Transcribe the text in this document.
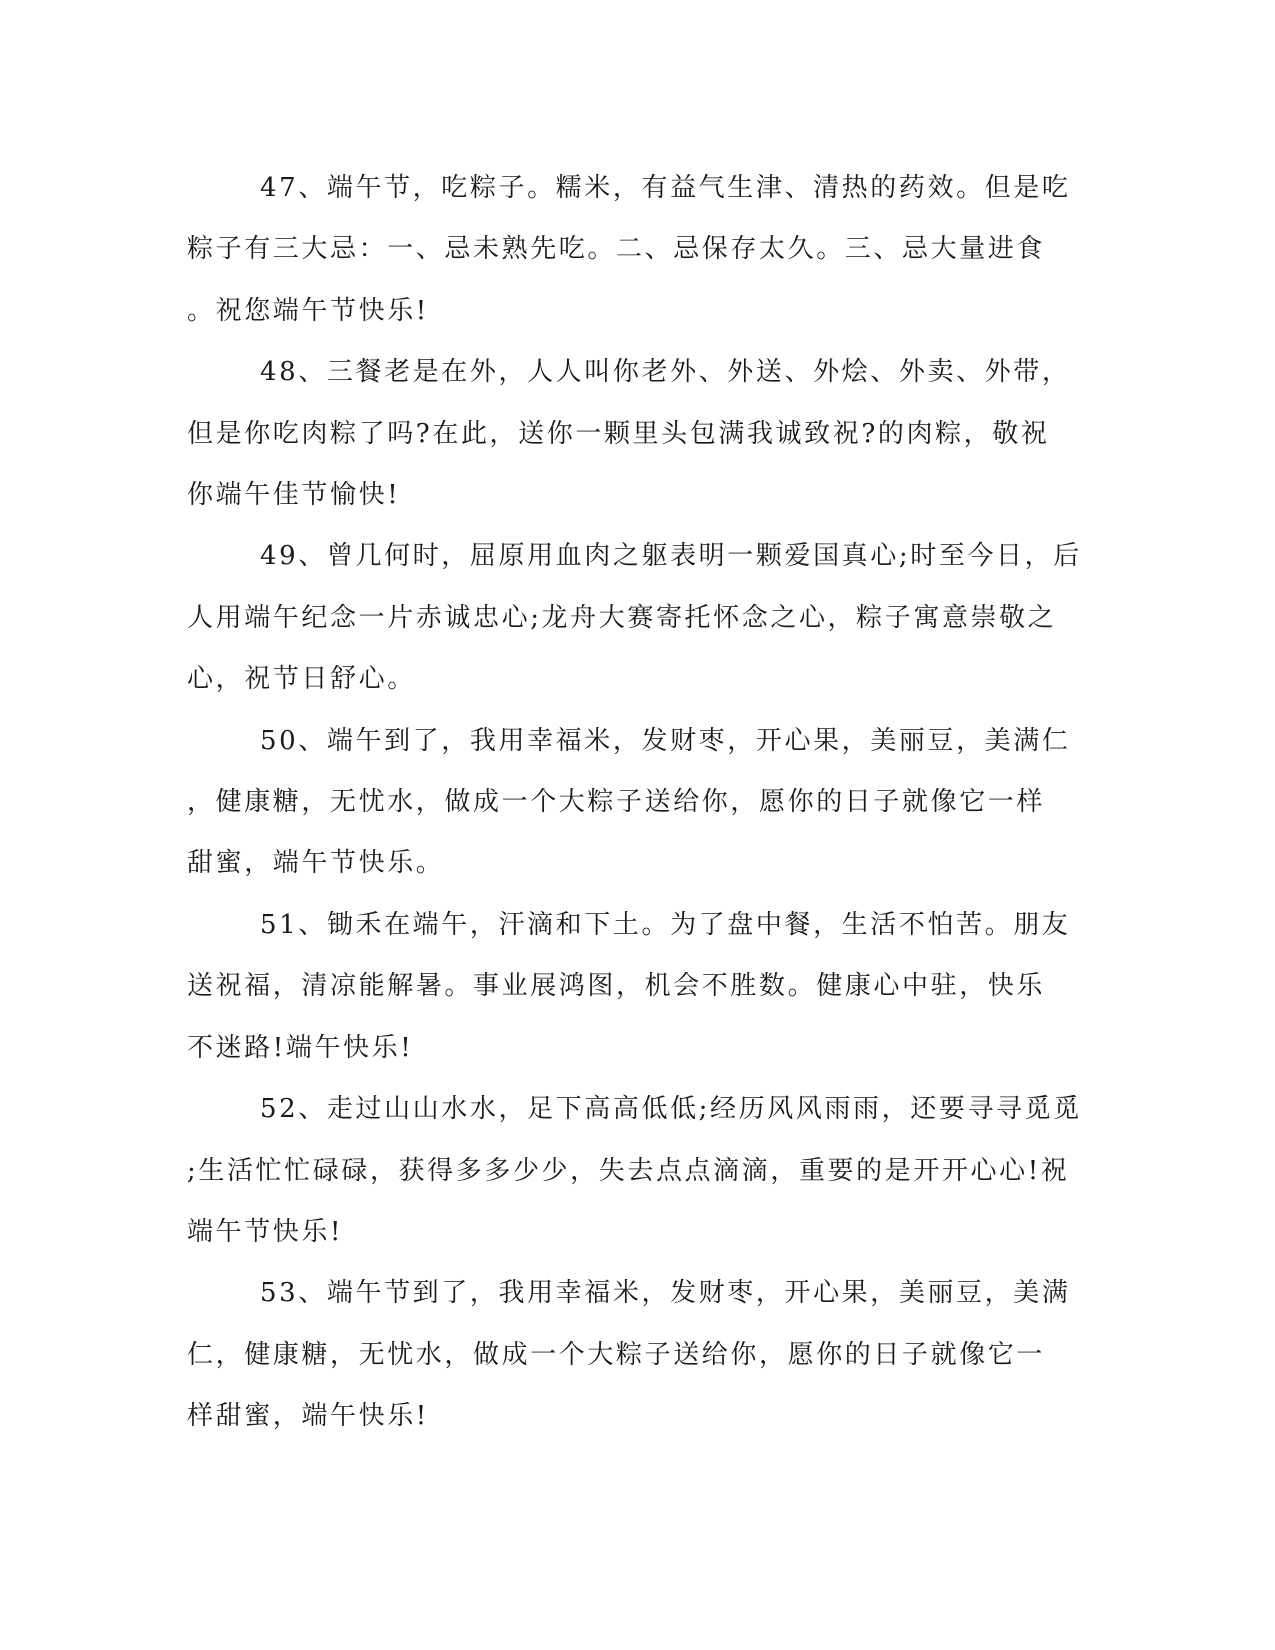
47、端午节，吃粽子。糯米，有益气生津、清热的药效。但是吃
粽子有三大忌：一、忌未熟先吃。二、忌保存太久。三、忌大量进食
。祝您端午节快乐!

48、三餐老是在外，人人叫你老外、外送、外烩、外卖、外带，
但是你吃肉粽了吗?在此，送你一颗里头包满我诚致祝?的肉粽，敬祝
你端午佳节愉快!

49、曾几何时，屈原用血肉之躯表明一颗爱国真心;时至今日，后
人用端午纪念一片赤诚忠心;龙舟大赛寄托怀念之心，粽子寓意崇敬之
心，祝节日舒心。

50、端午到了，我用幸福米，发财枣，开心果，美丽豆，美满仁
，健康糖，无忧水，做成一个大粽子送给你，愿你的日子就像它一样
甜蜜，端午节快乐。

51、锄禾在端午，汗滴和下土。为了盘中餐，生活不怕苦。朋友
送祝福，清凉能解暑。事业展鸿图，机会不胜数。健康心中驻，快乐
不迷路!端午快乐!

52、走过山山水水，足下高高低低;经历风风雨雨，还要寻寻觅觅
;生活忙忙碌碌，获得多多少少，失去点点滴滴，重要的是开开心心!祝
端午节快乐!

53、端午节到了，我用幸福米，发财枣，开心果，美丽豆，美满
仁，健康糖，无忧水，做成一个大粽子送给你，愿你的日子就像它一
样甜蜜，端午快乐!
